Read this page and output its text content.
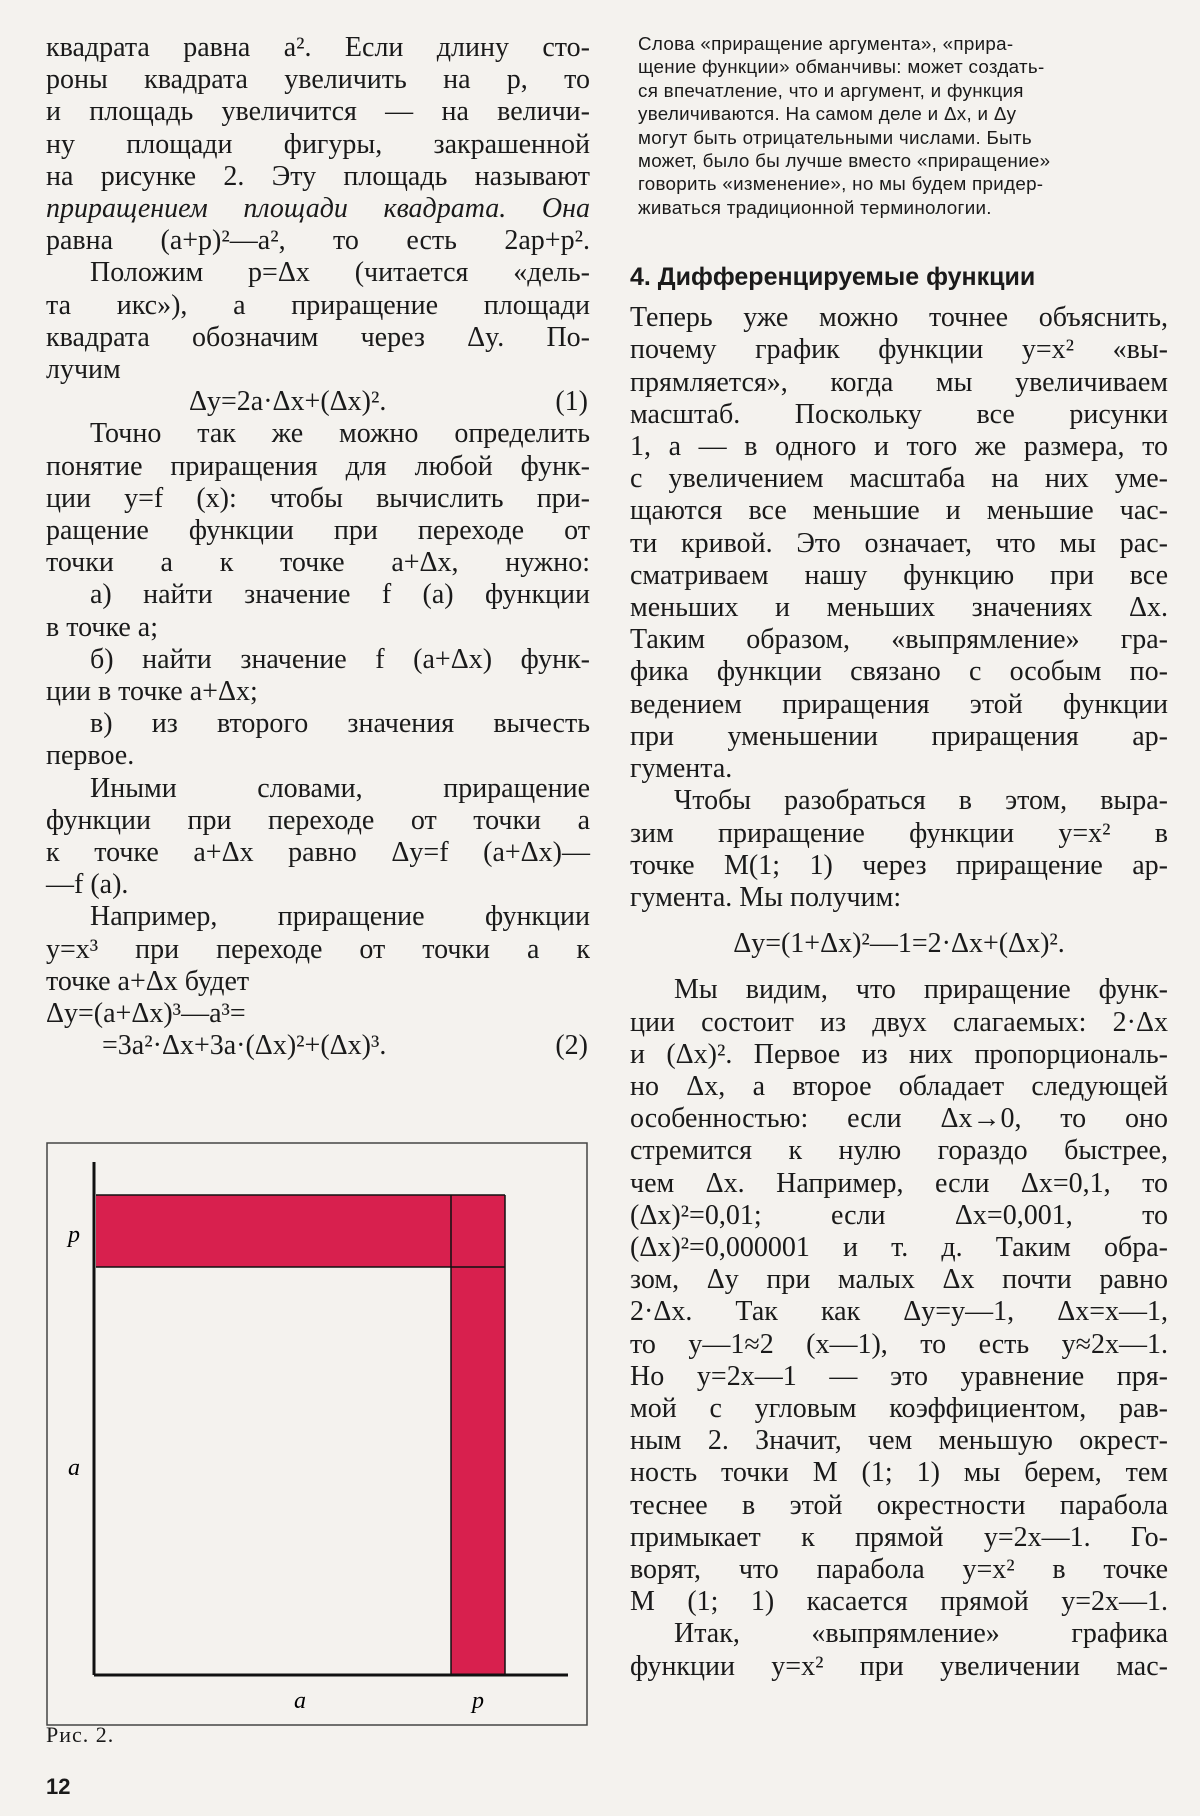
квадрата равна a². Если длину сто-

роны квадрата увеличить на p, то

и площадь увеличится — на величи-

ну площади фигуры, закрашенной

на рисунке 2. Эту площадь называют

приращением площади квадрата. Она

равна (a+p)²—a², то есть 2ap+p².

Положим p=Δx (читается «дель-

та икс»), а приращение площади

квадрата обозначим через Δy. По-

лучим

Δy=2a·Δx+(Δx)².	(1)

Точно так же можно определить

понятие приращения для любой функ-

ции y=f (x): чтобы вычислить при-

ращение функции при переходе от

точки a к точке a+Δx, нужно:

а) найти значение f (a) функции

в точке a;

б) найти значение f (a+Δx) функ-

ции в точке a+Δx;

в) из второго значения вычесть

первое.

Иными словами, приращение

функции при переходе от точки a

к точке a+Δx равно Δy=f (a+Δx)—

—f (a).

Например, приращение функции

y=x³ при переходе от точки a к

точке a+Δx будет

Δy=(a+Δx)³—a³=

=3a²·Δx+3a·(Δx)²+(Δx)³.	(2)
p
a
a	p
Рис. 2.
12

Слова «приращение аргумента», «прира-

щение функции» обманчивы: может создать-

ся впечатление, что и аргумент, и функция

увеличиваются. На самом деле и Δx, и Δy

могут быть отрицательными числами. Быть

может, было бы лучше вместо «приращение»

говорить «изменение», но мы будем придер-

живаться традиционной терминологии.

4. Дифференцируемые функции

Теперь уже можно точнее объяснить,

почему график функции y=x² «вы-

прямляется», когда мы увеличиваем

масштаб. Поскольку все рисунки

1, а — в одного и того же размера, то

с увеличением масштаба на них уме-

щаются все меньшие и меньшие час-

ти кривой. Это означает, что мы рас-

сматриваем нашу функцию при все

меньших и меньших значениях Δx.

Таким образом, «выпрямление» гра-

фика функции связано с особым по-

ведением приращения этой функции

при уменьшении приращения ар-

гумента.

Чтобы разобраться в этом, выра-

зим приращение функции y=x² в

точке M(1; 1) через приращение ар-

гумента. Мы получим:

Δy=(1+Δx)²—1=2·Δx+(Δx)².

Мы видим, что приращение функ-

ции состоит из двух слагаемых: 2·Δx

и (Δx)². Первое из них пропорциональ-

но Δx, а второе обладает следующей

особенностью: если Δx→0, то оно

стремится к нулю гораздо быстрее,

чем Δx. Например, если Δx=0,1, то

(Δx)²=0,01; если Δx=0,001, то

(Δx)²=0,000001 и т. д. Таким обра-

зом, Δy при малых Δx почти равно

2·Δx. Так как Δy=y—1, Δx=x—1,

то y—1≈2 (x—1), то есть y≈2x—1.

Но y=2x—1 — это уравнение пря-

мой с угловым коэффициентом, рав-

ным 2. Значит, чем меньшую окрест-

ность точки M (1; 1) мы берем, тем

теснее в этой окрестности парабола

примыкает к прямой y=2x—1. Го-

ворят, что парабола y=x² в точке

M (1; 1) касается прямой y=2x—1.

Итак, «выпрямление» графика

функции y=x² при увеличении мас-
